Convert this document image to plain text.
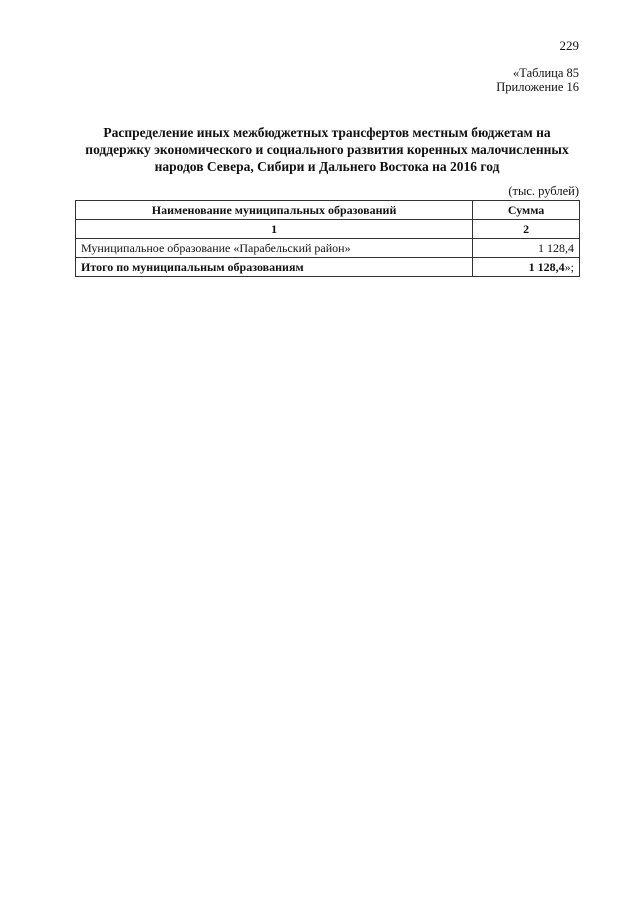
229
«Таблица 85
Приложение 16
Распределение иных межбюджетных трансфертов местным бюджетам на поддержку экономического и социального развития коренных малочисленных народов Севера, Сибири и Дальнего Востока на 2016 год
(тыс. рублей)
Наименование муниципальных образований	Сумма
1	2
Муниципальное образование «Парабельский район»	1 128,4
Итого по муниципальным образованиям	1 128,4»;
